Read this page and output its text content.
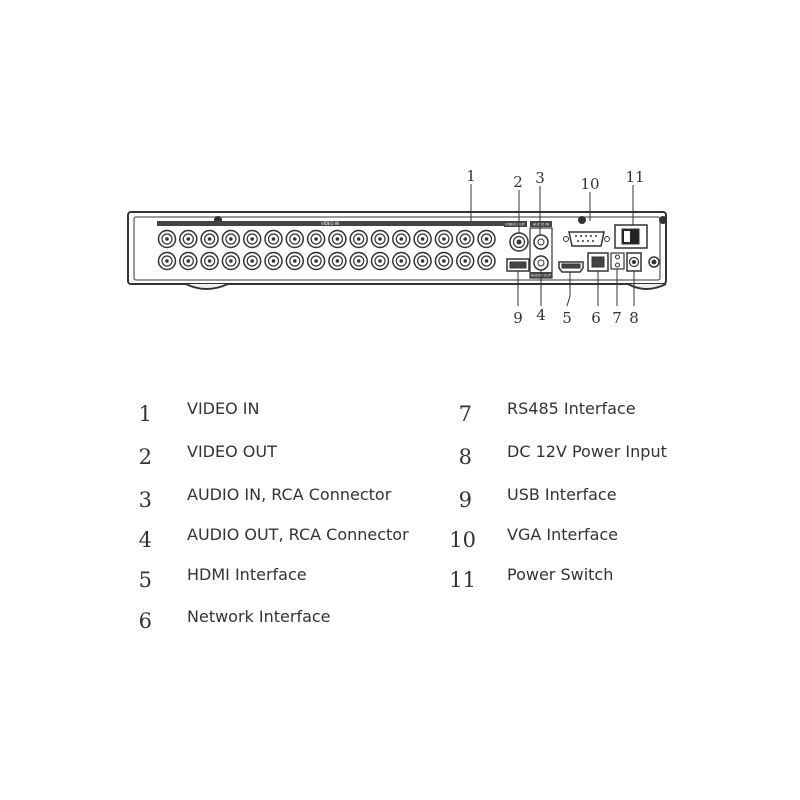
VIDEO IN	VIDEO OUT AUDIO IN
AUDIO OUT
1 2 3 10 11
9 4 5 6 7 8
1 VIDEO IN
2 VIDEO OUT
3 AUDIO IN, RCA Connector
4 AUDIO OUT, RCA Connector
5 HDMI Interface
6 Network Interface
7 RS485 Interface
8 DC 12V Power Input
9 USB Interface
10 VGA Interface
11 Power Switch
